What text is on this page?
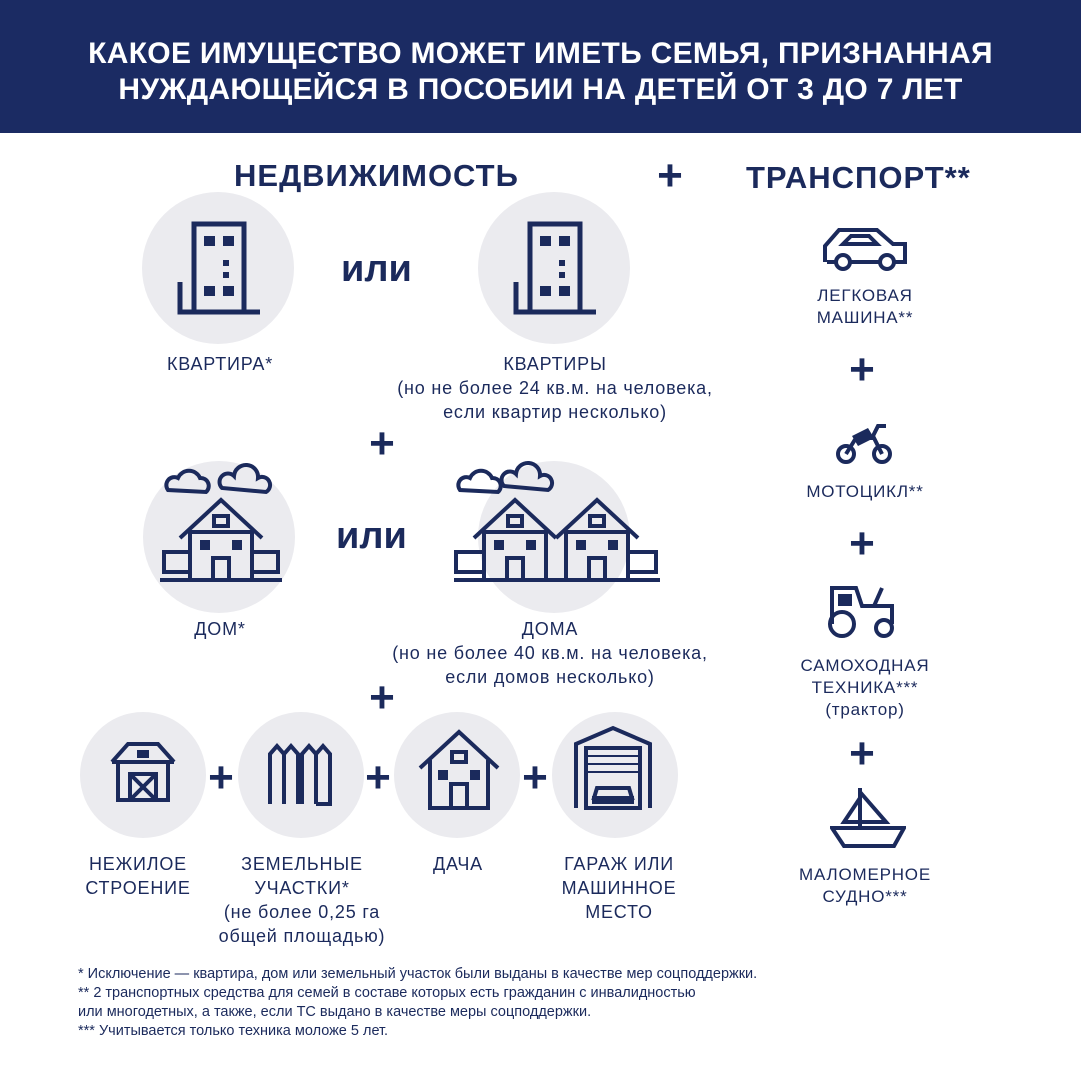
КАКОЕ ИМУЩЕСТВО МОЖЕТ ИМЕТЬ СЕМЬЯ, ПРИЗНАННАЯ
НУЖДАЮЩЕЙСЯ В ПОСОБИИ НА ДЕТЕЙ ОТ 3 ДО 7 ЛЕТ
НЕДВИЖИМОСТЬ	+ ТРАНСПОРТ**
или
КВАРТИРА*	КВАРТИРЫ
(но не более 24 кв.м. на человека,
если квартир несколько)
+
или
ДОМ*	ДОМА
(но не более 40 кв.м. на человека,
если домов несколько)
+
+	+	+
НЕЖИЛОЕ
СТРОЕНИЕ
ЗЕМЕЛЬНЫЕ
УЧАСТКИ*
(не более 0,25 га
общей площадью)
ДАЧА	ГАРАЖ ИЛИ
МАШИННОЕ
МЕСТО
ЛЕГКОВАЯ
МАШИНА**
+
МОТОЦИКЛ**
+
САМОХОДНАЯ
ТЕХНИКА***
(трактор)
+
МАЛОМЕРНОЕ
СУДНО***
* Исключение — квартира, дом или земельный участок были выданы в качестве мер соцподдержки.
** 2 транспортных средства для семей в составе которых есть гражданин с инвалидностью
или многодетных, а также, если ТС выдано в качестве меры соцподдержки.
*** Учитывается только техника моложе 5 лет.
